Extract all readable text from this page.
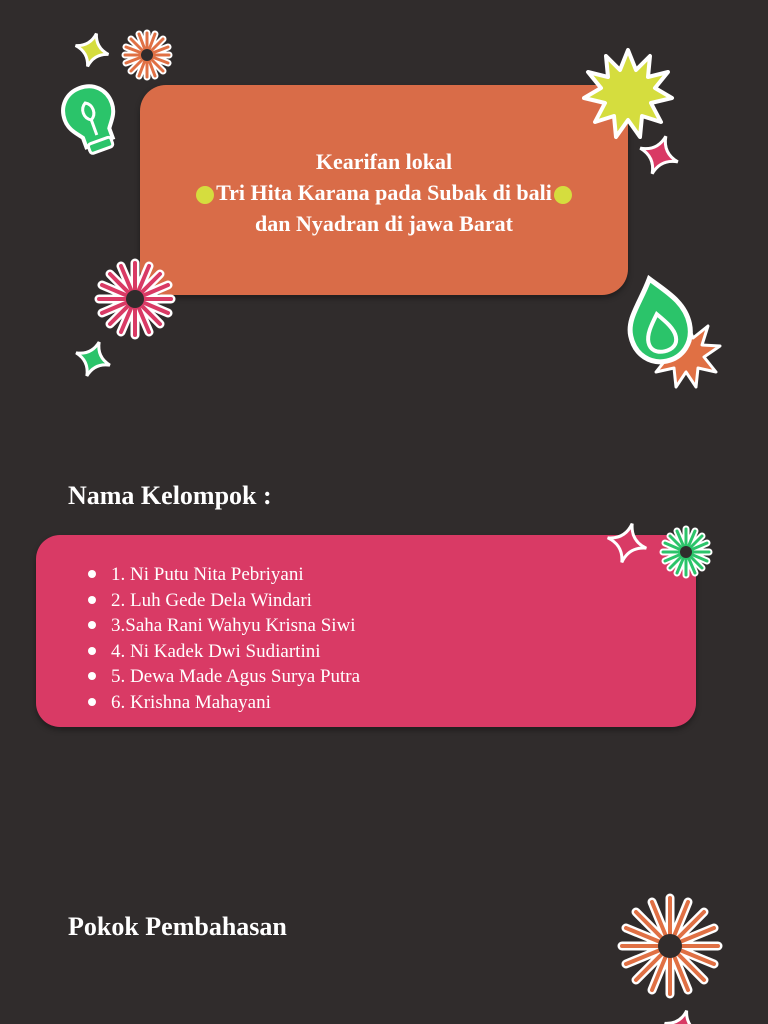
Kearifan lokal
Tri Hita Karana pada Subak di bali
dan Nyadran di jawa Barat
Nama Kelompok :
1. Ni Putu Nita Pebriyani
2. Luh Gede Dela Windari
3.Saha Rani Wahyu Krisna Siwi
4. Ni Kadek Dwi Sudiartini
5. Dewa Made Agus Surya Putra
6. Krishna Mahayani
Pokok Pembahasan
